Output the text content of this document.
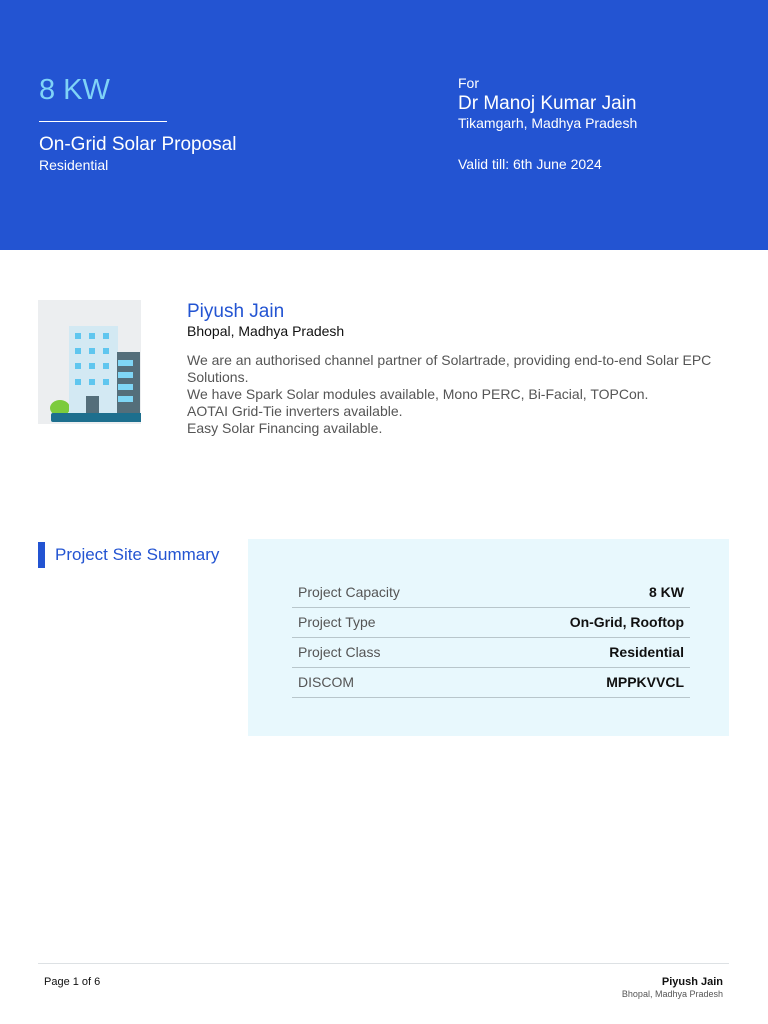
8 KW
On-Grid Solar Proposal
Residential
For
Dr Manoj Kumar Jain
Tikamgarh, Madhya Pradesh
Valid till: 6th June 2024
Piyush Jain
Bhopal, Madhya Pradesh
We are an authorised channel partner of Solartrade, providing end-to-end Solar EPC Solutions.
We have Spark Solar modules available, Mono PERC, Bi-Facial, TOPCon.
AOTAI Grid-Tie inverters available.
Easy Solar Financing available.
Project Site Summary
Project Capacity	8 KW
Project Type	On-Grid, Rooftop
Project Class	Residential
DISCOM	MPPKVVCL
Page 1 of 6	Piyush Jain
Bhopal, Madhya Pradesh
